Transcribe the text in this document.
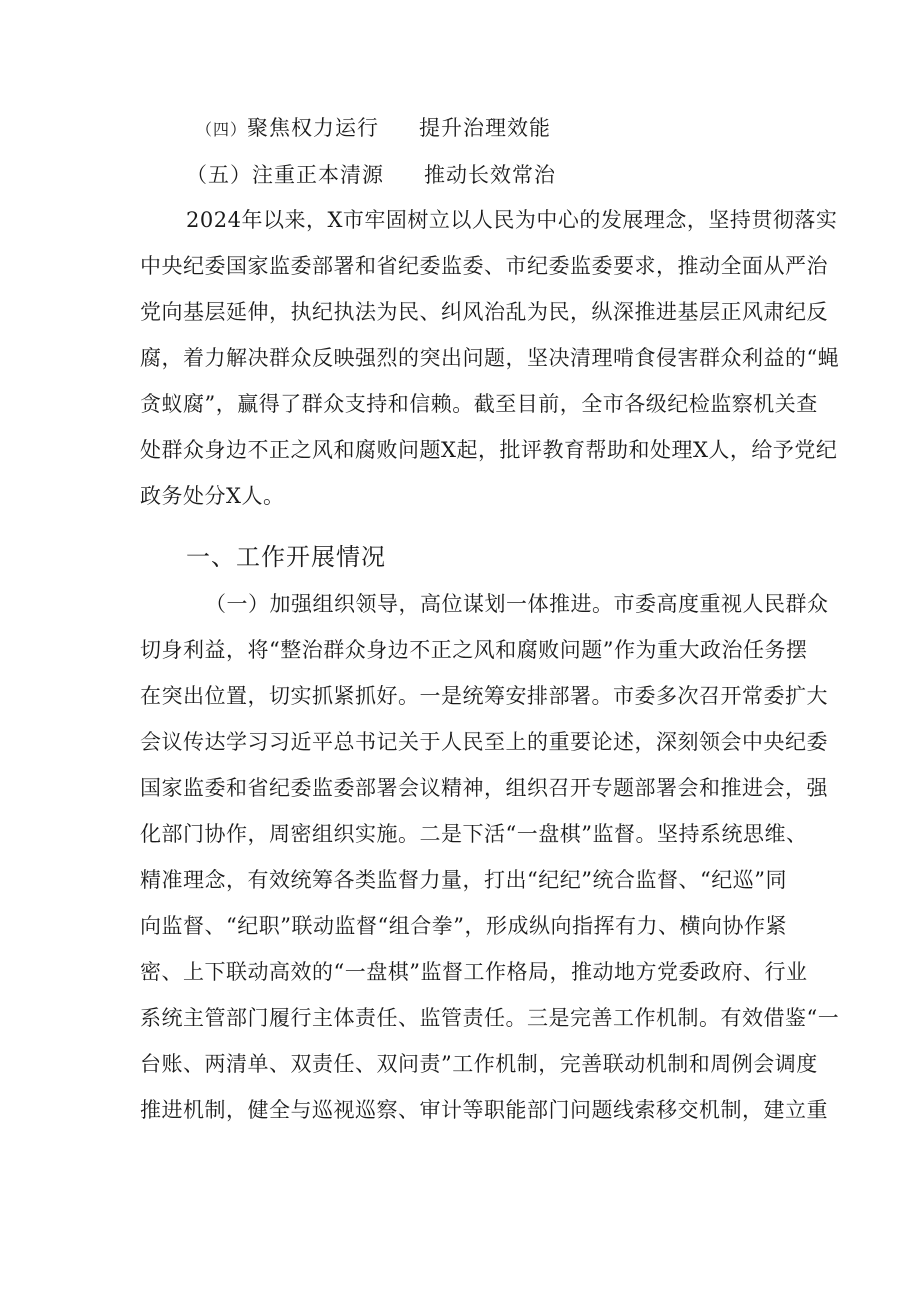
（四）聚焦权力运行 提升治理效能
（五）注重正本清源 推动长效常治
2024年以来，X市牢固树立以人民为中心的发展理念，坚持贯彻落实
中央纪委国家监委部署和省纪委监委、市纪委监委要求，推动全面从严治
党向基层延伸，执纪执法为民、纠风治乱为民，纵深推进基层正风肃纪反
腐，着力解决群众反映强烈的突出问题，坚决清理啃食侵害群众利益的“蝇
贪蚁腐”，赢得了群众支持和信赖。截至目前，全市各级纪检监察机关查
处群众身边不正之风和腐败问题X起，批评教育帮助和处理X人，给予党纪
政务处分X人。
一、工作开展情况
（一）加强组织领导，高位谋划一体推进。市委高度重视人民群众
切身利益，将“整治群众身边不正之风和腐败问题”作为重大政治任务摆
在突出位置，切实抓紧抓好。一是统筹安排部署。市委多次召开常委扩大
会议传达学习习近平总书记关于人民至上的重要论述，深刻领会中央纪委
国家监委和省纪委监委部署会议精神，组织召开专题部署会和推进会，强
化部门协作，周密组织实施。二是下活“一盘棋”监督。坚持系统思维、
精准理念，有效统筹各类监督力量，打出“纪纪”统合监督、“纪巡”同
向监督、“纪职”联动监督“组合拳”，形成纵向指挥有力、横向协作紧
密、上下联动高效的“一盘棋”监督工作格局，推动地方党委政府、行业
系统主管部门履行主体责任、监管责任。三是完善工作机制。有效借鉴“一
台账、两清单、双责任、双问责”工作机制，完善联动机制和周例会调度
推进机制，健全与巡视巡察、审计等职能部门问题线索移交机制，建立重
